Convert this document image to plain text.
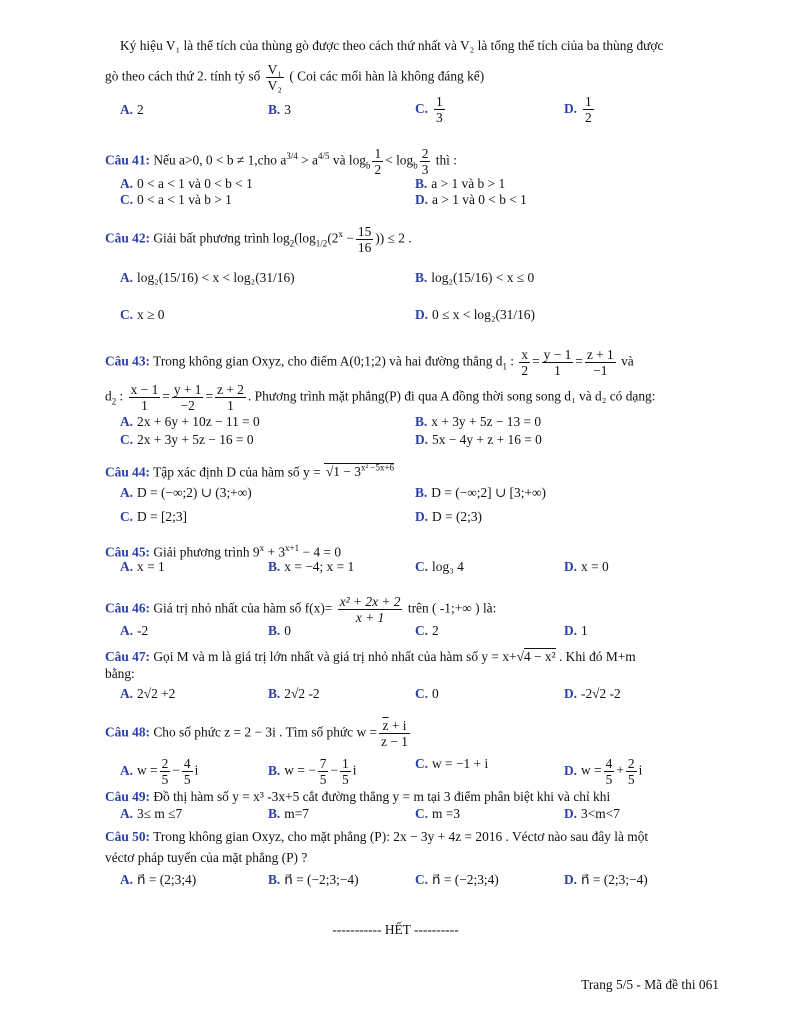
Ký hiệu V₁ là thể tích của thùng gò được theo cách thứ nhất và V₂ là tổng thể tích ciủa ba thùng được
gò theo cách thứ 2. tính tỷ số $\frac{\text{V₁}}{\text{V₂}}$ ( Coi các mối hàn là không đáng kể)
A. 2	B. 3	C. $\frac{1}{3}$	D. $\frac{1}{2}$
Câu 41: Nếu a>0, 0 < b ≠ 1,cho $a^{3/4} > a^{4/5}$ và $\log_b \frac{1}{2} < \log_b \frac{2}{3}$ thì :
A. 0 < a < 1 và 0 < b < 1	B. a > 1 và b > 1
C. 0 < a < 1 và b > 1	D. a > 1 và 0 < b < 1
Câu 42: Giải bất phương trình $\log_2(\log_{1/2}(2^x - \frac{15}{16}$ )) ≤ 2 .
A. log₂(15/16) < x < log₂(31/16)	B. log₂(15/16) < x ≤ 0
C. x ≥ 0	D. 0 ≤ x < log₂(31/16)
Câu 43: Trong không gian Oxyz, cho điểm A(0;1;2) và hai đường thẳng $d_1$ : $\frac{x}{2} = \frac{y - 1}{1} = \frac{z + 1}{-1}$ và
$d_2$ : $\frac{x - 1}{1} = \frac{y + 1}{-2} = \frac{z + 2}{1}$ . Phương trình mặt phẳng(P) đi qua A đồng thời song song d₁ và d₂ có dạng:
A. 2x + 6y + 10z − 11 = 0	B. x + 3y + 5z − 13 = 0
C. 2x + 3y + 5z − 16 = 0	D. 5x − 4y + z + 16 = 0
Câu 44: Tập xác định D của hàm số $y = √1 - 3^{x^2 -5x+6}$
A. D = (−∞;2) ∪ (3;+∞)	B. D = (−∞;2] ∪ [3;+∞)
C. D = [2;3]	D. D = (2;3)
Câu 45: Giải phương trình $9^x + 3^{x+1} - 4 = 0$
A. x = 1	B. x = −4; x = 1	C. log₃ 4	D. x = 0
Câu 46: Giá trị nhỏ nhất của hàm số $f(x)= \frac{\text{x² + 2x + 2}}{x + 1}$ trên ( -1;+∞ ) là:
A. -2	B. 0	C. 2	D. 1
Câu 47: Gọi M và m là giá trị lớn nhất và giá trị nhỏ nhất của hàm số y = x+√4 − x² . Khi đó M+m
bằng:
A. 2√2 +2	B. 2√2 -2	C. 0	D. -2√2 -2
Câu 48: Cho số phức z = 2 − 3i . Tìm số phức $w = \frac{\overline{z} + i}{z - 1}$
A. $w = \frac{2}{5} - \frac{4}{5}$ i	B. w = − $\frac{7}{5} - \frac{1}{5}$ i	C. w = −1 + i	D. $w = \frac{4}{5} + \frac{2}{5}$ i
Câu 49: Đồ thị hàm số y = x³ -3x+5 cắt đường thẳng y = m tại 3 điểm phân biệt khi và chỉ khi
A. 3≤ m ≤7	B. m=7	C. m =3	D. 3<m<7
Câu 50: Trong không gian Oxyz, cho mặt phẳng (P): 2x − 3y + 4z = 2016 . Véctơ nào sau đây là một
véctơ pháp tuyến của mặt phẳng (P) ?
A. n⃗ = (2;3;4)	B. n⃗ = (−2;3;−4)	C. n⃗ = (−2;3;4)	D. n⃗ = (2;3;−4)
----------- HẾT ----------
Trang 5/5 - Mã đề thi 061
